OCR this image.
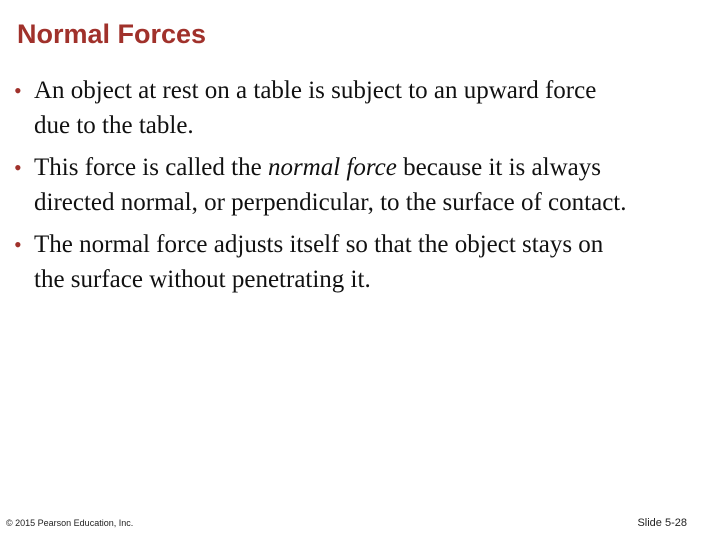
Normal Forces
• An object at rest on a table is subject to an upward force
due to the table.
• This force is called the normal force because it is always
directed normal, or perpendicular, to the surface of contact.
• The normal force adjusts itself so that the object stays on
the surface without penetrating it.
© 2015 Pearson Education, Inc.	Slide 5-28
